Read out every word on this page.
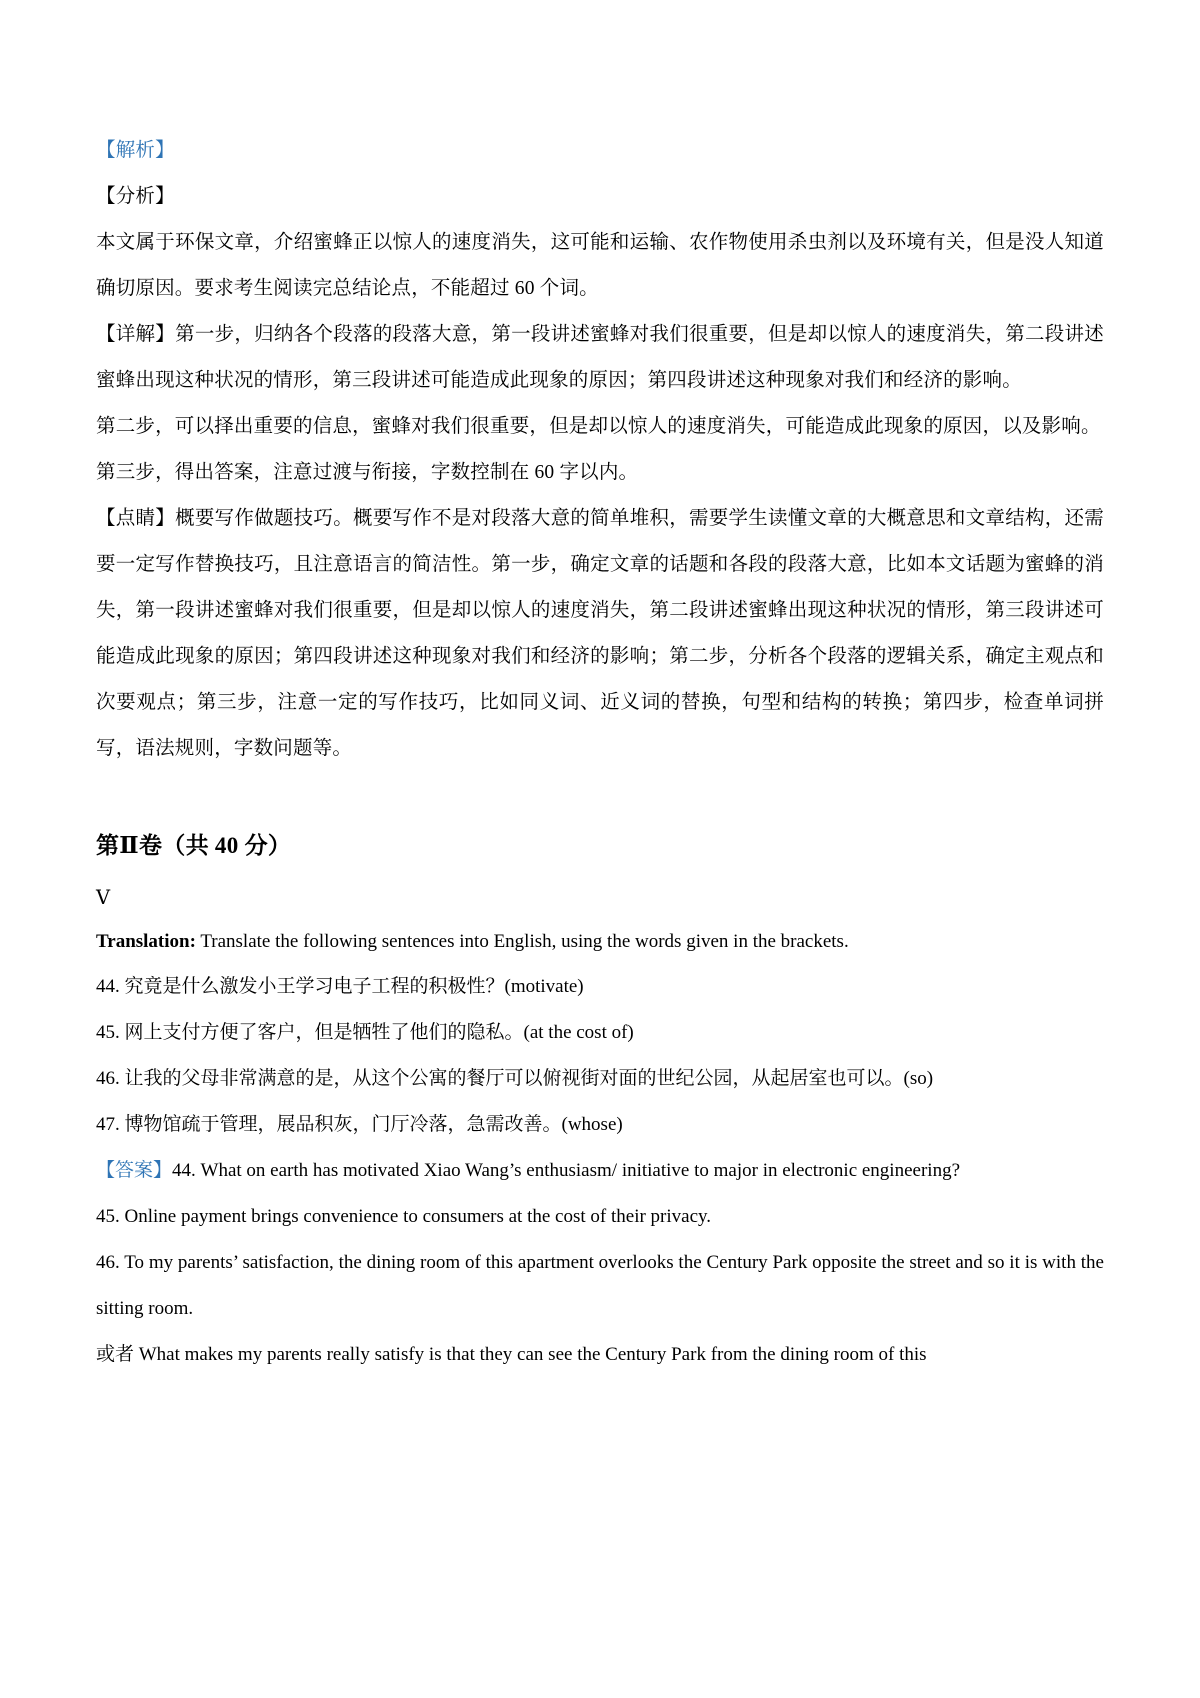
【解析】

【分析】

本文属于环保文章，介绍蜜蜂正以惊人的速度消失，这可能和运输、农作物使用杀虫剂以及环境有关，但是没人知道确切原因。要求考生阅读完总结论点，不能超过 60 个词。

【详解】第一步，归纳各个段落的段落大意，第一段讲述蜜蜂对我们很重要，但是却以惊人的速度消失，第二段讲述蜜蜂出现这种状况的情形，第三段讲述可能造成此现象的原因；第四段讲述这种现象对我们和经济的影响。

第二步，可以择出重要的信息，蜜蜂对我们很重要，但是却以惊人的速度消失，可能造成此现象的原因，以及影响。

第三步，得出答案，注意过渡与衔接，字数控制在 60 字以内。

【点睛】概要写作做题技巧。概要写作不是对段落大意的简单堆积，需要学生读懂文章的大概意思和文章结构，还需要一定写作替换技巧，且注意语言的简洁性。第一步，确定文章的话题和各段的段落大意，比如本文话题为蜜蜂的消失，第一段讲述蜜蜂对我们很重要，但是却以惊人的速度消失，第二段讲述蜜蜂出现这种状况的情形，第三段讲述可能造成此现象的原因；第四段讲述这种现象对我们和经济的影响；第二步，分析各个段落的逻辑关系，确定主观点和次要观点；第三步，注意一定的写作技巧，比如同义词、近义词的替换，句型和结构的转换；第四步，检查单词拼写，语法规则，字数问题等。

第Ⅱ卷（共 40 分）

Ⅴ

Translation: Translate the following sentences into English, using the words given in the brackets.

44. 究竟是什么激发小王学习电子工程的积极性？(motivate)

45. 网上支付方便了客户，但是牺牲了他们的隐私。(at the cost of)

46. 让我的父母非常满意的是，从这个公寓的餐厅可以俯视街对面的世纪公园，从起居室也可以。(so)

47. 博物馆疏于管理，展品积灰，门厅冷落，急需改善。(whose)

【答案】44. What on earth has motivated Xiao Wang’s enthusiasm/ initiative to major in electronic engineering?

45. Online payment brings convenience to consumers at the cost of their privacy.

46. To my parents’ satisfaction, the dining room of this apartment overlooks the Century Park opposite the street and so it is with the sitting room.

或者 What makes my parents really satisfy is that they can see the Century Park from the dining room of this
